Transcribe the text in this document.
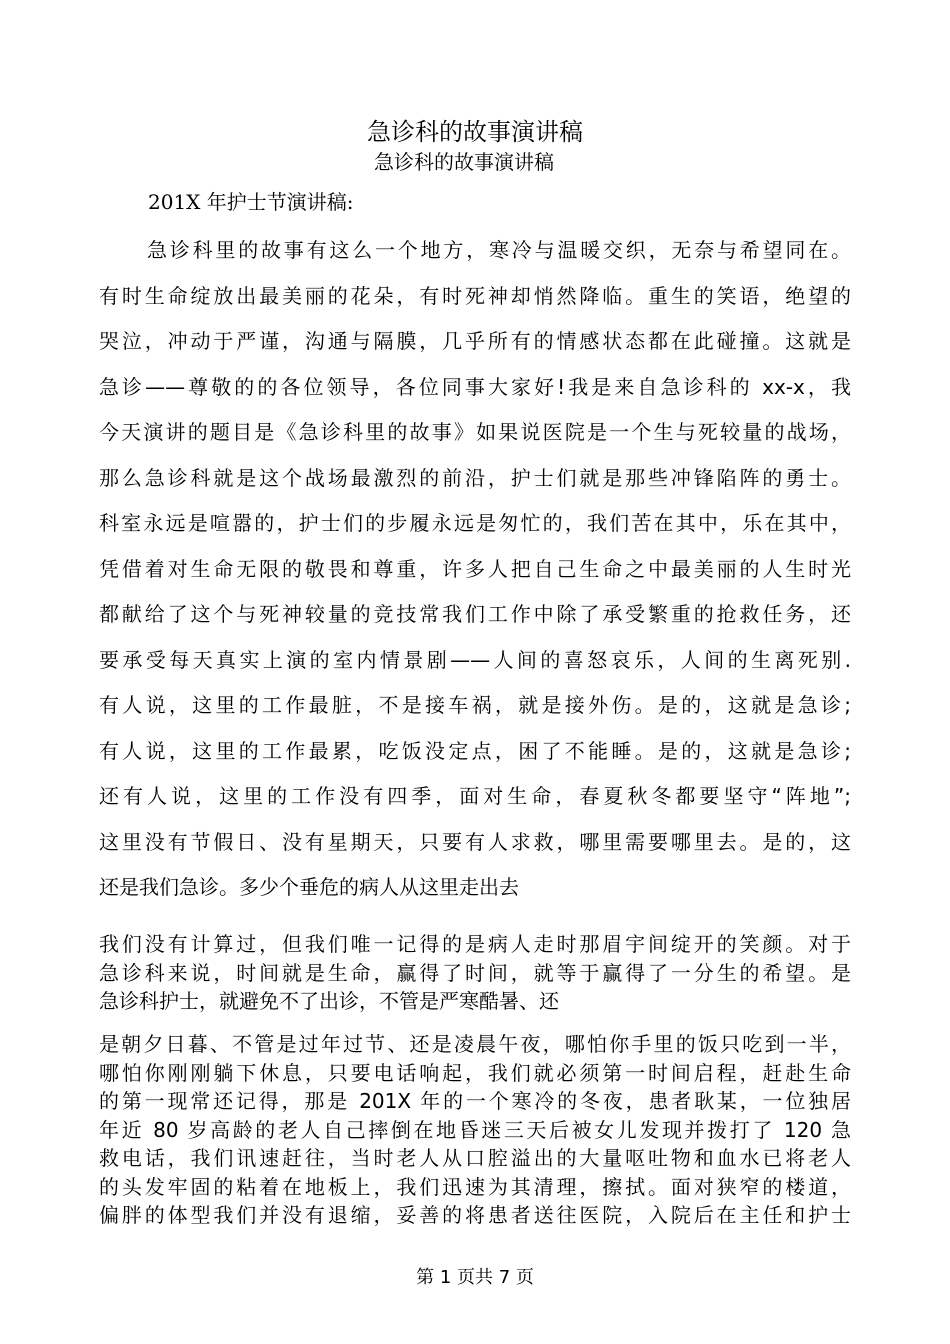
急诊科的故事演讲稿
急诊科的故事演讲稿
201X 年护士节演讲稿:
急诊科里的故事有这么一个地方，寒冷与温暖交织，无奈与希望同在。
有时生命绽放出最美丽的花朵，有时死神却悄然降临。重生的笑语，绝望的
哭泣，冲动于严谨，沟通与隔膜，几乎所有的情感状态都在此碰撞。这就是
急诊——尊敬的的各位领导，各位同事大家好!我是来自急诊科的 xx-x，我
今天演讲的题目是《急诊科里的故事》如果说医院是一个生与死较量的战场，
那么急诊科就是这个战场最激烈的前沿，护士们就是那些冲锋陷阵的勇士。
科室永远是喧嚣的，护士们的步履永远是匆忙的，我们苦在其中，乐在其中，
凭借着对生命无限的敬畏和尊重，许多人把自己生命之中最美丽的人生时光
都献给了这个与死神较量的竞技常我们工作中除了承受繁重的抢救任务，还
要承受每天真实上演的室内情景剧——人间的喜怒哀乐，人间的生离死别.
有人说，这里的工作最脏，不是接车祸，就是接外伤。是的，这就是急诊;
有人说，这里的工作最累，吃饭没定点，困了不能睡。是的，这就是急诊;
还有人说，这里的工作没有四季，面对生命，春夏秋冬都要坚守“阵地”;
这里没有节假日、没有星期天，只要有人求救，哪里需要哪里去。是的，这
还是我们急诊。多少个垂危的病人从这里走出去
我们没有计算过，但我们唯一记得的是病人走时那眉宇间绽开的笑颜。对于
急诊科来说，时间就是生命，赢得了时间，就等于赢得了一分生的希望。是
急诊科护士，就避免不了出诊，不管是严寒酷暑、还
是朝夕日暮、不管是过年过节、还是凌晨午夜，哪怕你手里的饭只吃到一半，
哪怕你刚刚躺下休息，只要电话响起，我们就必须第一时间启程，赶赴生命
的第一现常还记得，那是 201X 年的一个寒冷的冬夜，患者耿某，一位独居
年近 80 岁高龄的老人自己摔倒在地昏迷三天后被女儿发现并拨打了 120 急
救电话，我们讯速赶往，当时老人从口腔溢出的大量呕吐物和血水已将老人
的头发牢固的粘着在地板上，我们迅速为其清理，擦拭。面对狭窄的楼道，
偏胖的体型我们并没有退缩，妥善的将患者送往医院，入院后在主任和护士
第 1 页共 7 页
